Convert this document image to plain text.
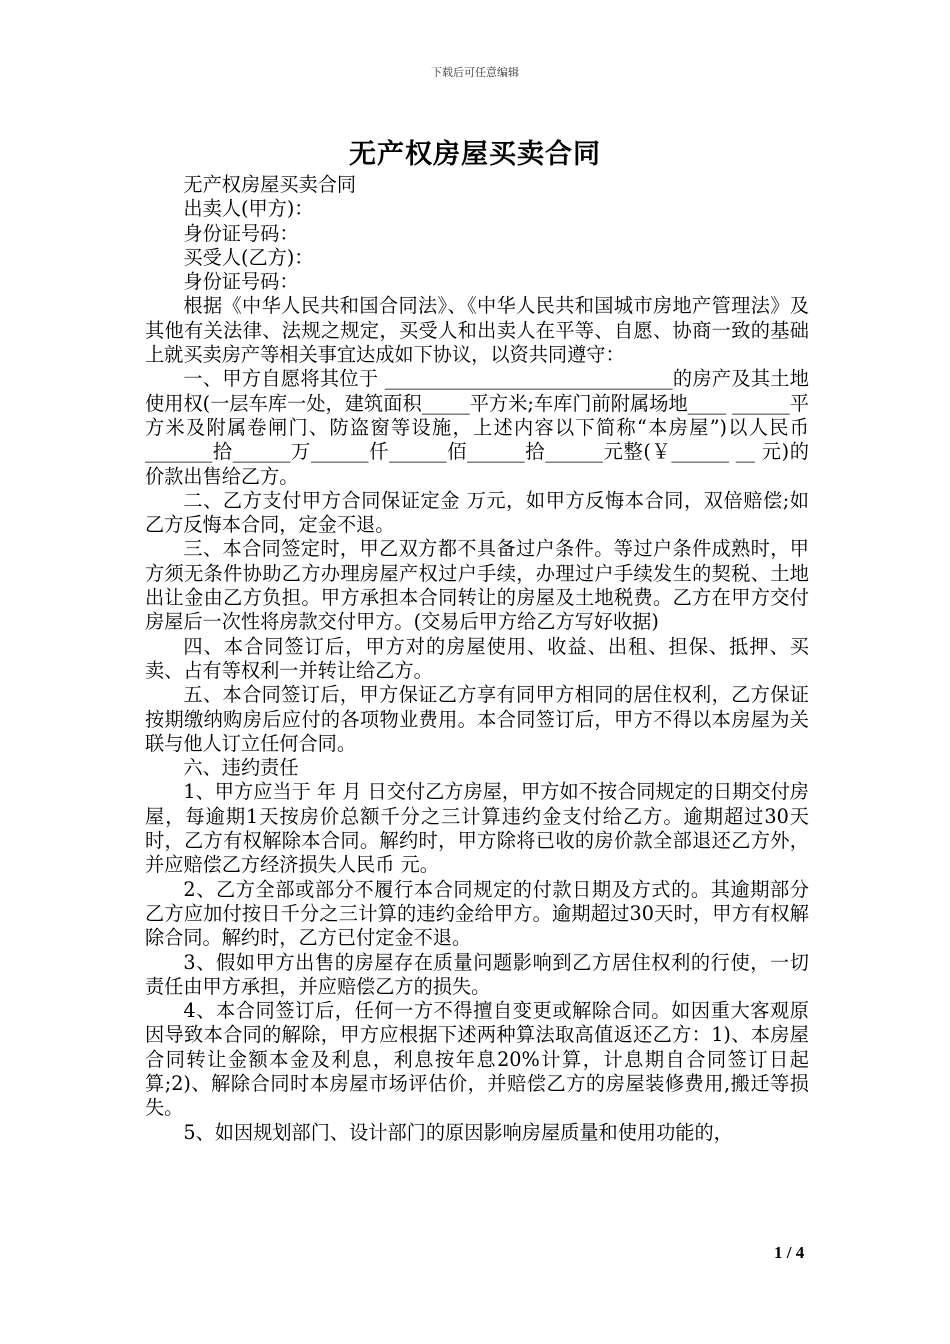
下载后可任意编辑
无产权房屋买卖合同

无产权房屋买卖合同

出卖人(甲方)：

身份证号码：

买受人(乙方)：

身份证号码：

根据《中华人民共和国合同法》、《中华人民共和国城市房地产管理法》及其他有关法律、法规之规定，买受人和出卖人在平等、自愿、协商一致的基础上就买卖房产等相关事宜达成如下协议，以资共同遵守：

一、甲方自愿将其位于 ______________________________的房产及其土地使用权(一层车库一处，建筑面积_____平方米;车库门前附属场地____ ______平方米及附属卷闸门、防盗窗等设施，上述内容以下简称“本房屋”)以人民币_______拾______万______仟______佰______拾______元整(￥______ __ 元)的价款出售给乙方。

二、乙方支付甲方合同保证定金 万元，如甲方反悔本合同，双倍赔偿;如乙方反悔本合同，定金不退。

三、本合同签定时，甲乙双方都不具备过户条件。等过户条件成熟时，甲方须无条件协助乙方办理房屋产权过户手续，办理过户手续发生的契税、土地出让金由乙方负担。甲方承担本合同转让的房屋及土地税费。乙方在甲方交付房屋后一次性将房款交付甲方。(交易后甲方给乙方写好收据)

四、本合同签订后，甲方对的房屋使用、收益、出租、担保、抵押、买卖、占有等权利一并转让给乙方。

五、本合同签订后，甲方保证乙方享有同甲方相同的居住权利，乙方保证按期缴纳购房后应付的各项物业费用。本合同签订后，甲方不得以本房屋为关联与他人订立任何合同。

六、违约责任

1、甲方应当于 年 月 日交付乙方房屋，甲方如不按合同规定的日期交付房屋，每逾期1天按房价总额千分之三计算违约金支付给乙方。逾期超过30天时，乙方有权解除本合同。解约时，甲方除将已收的房价款全部退还乙方外，并应赔偿乙方经济损失人民币 元。

2、乙方全部或部分不履行本合同规定的付款日期及方式的。其逾期部分乙方应加付按日千分之三计算的违约金给甲方。逾期超过30天时，甲方有权解除合同。解约时，乙方已付定金不退。

3、假如甲方出售的房屋存在质量问题影响到乙方居住权利的行使，一切责任由甲方承担，并应赔偿乙方的损失。

4、本合同签订后，任何一方不得擅自变更或解除合同。如因重大客观原因导致本合同的解除，甲方应根据下述两种算法取高值返还乙方：1)、本房屋合同转让金额本金及利息，利息按年息20%计算，计息期自合同签订日起算;2)、解除合同时本房屋市场评估价，并赔偿乙方的房屋装修费用,搬迁等损失。

5、如因规划部门、设计部门的原因影响房屋质量和使用功能的，

1 / 4
